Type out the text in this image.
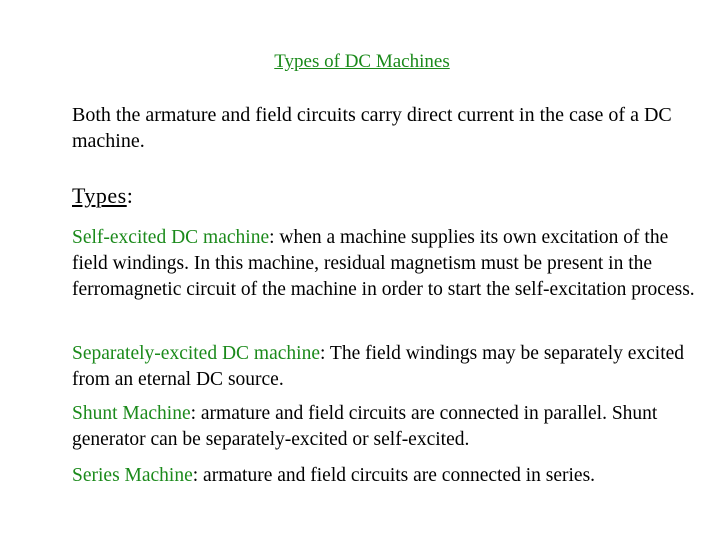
Types of DC Machines
Both the armature and field circuits carry direct current in the case of a DC machine.
Types:
Self-excited DC machine: when a machine supplies its own excitation of the field windings. In this machine, residual magnetism must be present in the ferromagnetic circuit of the machine in order to start the self-excitation process.
Separately-excited DC machine: The field windings may be separately excited from an eternal DC source.
Shunt Machine: armature and field circuits are connected in parallel. Shunt generator can be separately-excited or self-excited.
Series Machine: armature and field circuits are connected in series.
